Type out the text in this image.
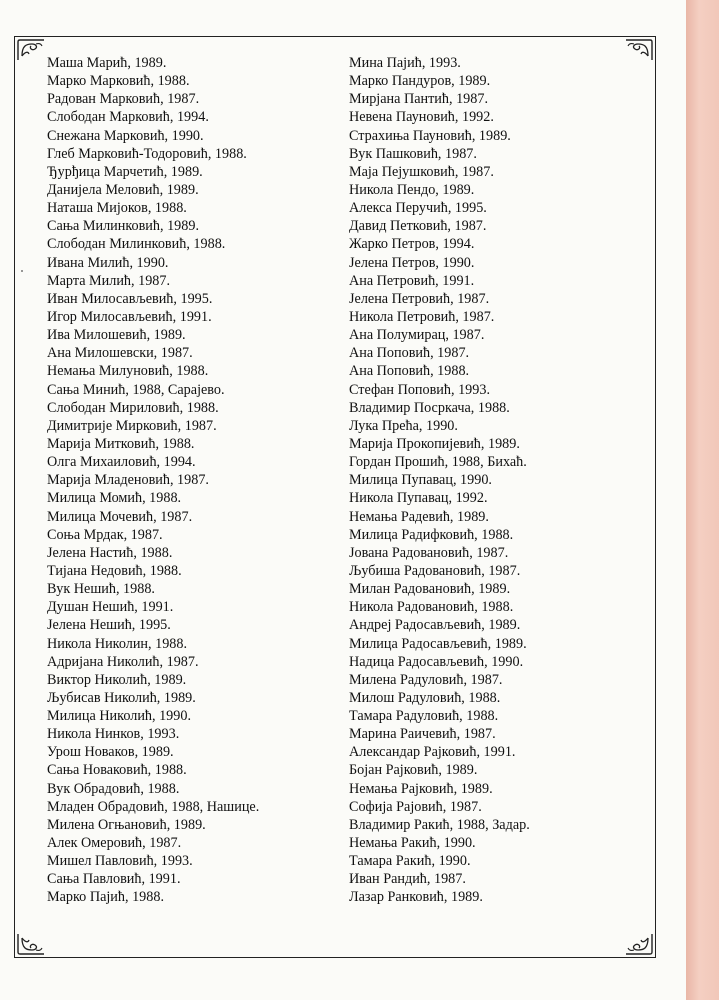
Маша Марић, 1989.
Марко Марковић, 1988.
Радован Марковић, 1987.
Слободан Марковић, 1994.
Снежана Марковић, 1990.
Глеб Марковић-Тодоровић, 1988.
Ђурђица Марчетић, 1989.
Данијела Меловић, 1989.
Наташа Мијоков, 1988.
Сања Милинковић, 1989.
Слободан Милинковић, 1988.
Ивана Милић, 1990.
Марта Милић, 1987.
Иван Милосављевић, 1995.
Игор Милосављевић, 1991.
Ива Милошевић, 1989.
Ана Милошевски, 1987.
Немања Милуновић, 1988.
Сања Минић, 1988, Сарајево.
Слободан Мириловић, 1988.
Димитрије Мирковић, 1987.
Марија Митковић, 1988.
Олга Михаиловић, 1994.
Марија Младеновић, 1987.
Милица Момић, 1988.
Милица Мочевић, 1987.
Соња Мрдак, 1987.
Јелена Настић, 1988.
Тијана Недовић, 1988.
Вук Нешић, 1988.
Душан Нешић, 1991.
Јелена Нешић, 1995.
Никола Николин, 1988.
Адријана Николић, 1987.
Виктор Николић, 1989.
Љубисав Николић, 1989.
Милица Николић, 1990.
Никола Нинков, 1993.
Урош Новаков, 1989.
Сања Новаковић, 1988.
Вук Обрадовић, 1988.
Младен Обрадовић, 1988, Нашице.
Милена Огњановић, 1989.
Алек Омеровић, 1987.
Мишел Павловић, 1993.
Сања Павловић, 1991.
Марко Пајић, 1988.
Мина Пајић, 1993.
Марко Пандуров, 1989.
Мирјана Пантић, 1987.
Невена Пауновић, 1992.
Страхиња Пауновић, 1989.
Вук Пашковић, 1987.
Маја Пејушковић, 1987.
Никола Пендо, 1989.
Алекса Перучић, 1995.
Давид Петковић, 1987.
Жарко Петров, 1994.
Јелена Петров, 1990.
Ана Петровић, 1991.
Јелена Петровић, 1987.
Никола Петровић, 1987.
Ана Полумирац, 1987.
Ана Поповић, 1987.
Ана Поповић, 1988.
Стефан Поповић, 1993.
Владимир Посркача, 1988.
Лука Прећа, 1990.
Марија Прокопијевић, 1989.
Гордан Прошић, 1988, Бихаћ.
Милица Пупавац, 1990.
Никола Пупавац, 1992.
Немања Радевић, 1989.
Милица Радифковић, 1988.
Јована Радовановић, 1987.
Љубиша Радовановић, 1987.
Милан Радовановић, 1989.
Никола Радовановић, 1988.
Андреј Радосављевић, 1989.
Милица Радосављевић, 1989.
Надица Радосављевић, 1990.
Милена Радуловић, 1987.
Милош Радуловић, 1988.
Тамара Радуловић, 1988.
Марина Раичевић, 1987.
Александар Рајковић, 1991.
Бојан Рајковић, 1989.
Немања Рајковић, 1989.
Софија Рајовић, 1987.
Владимир Ракић, 1988, Задар.
Немања Ракић, 1990.
Тамара Ракић, 1990.
Иван Рандић, 1987.
Лазар Ранковић, 1989.
